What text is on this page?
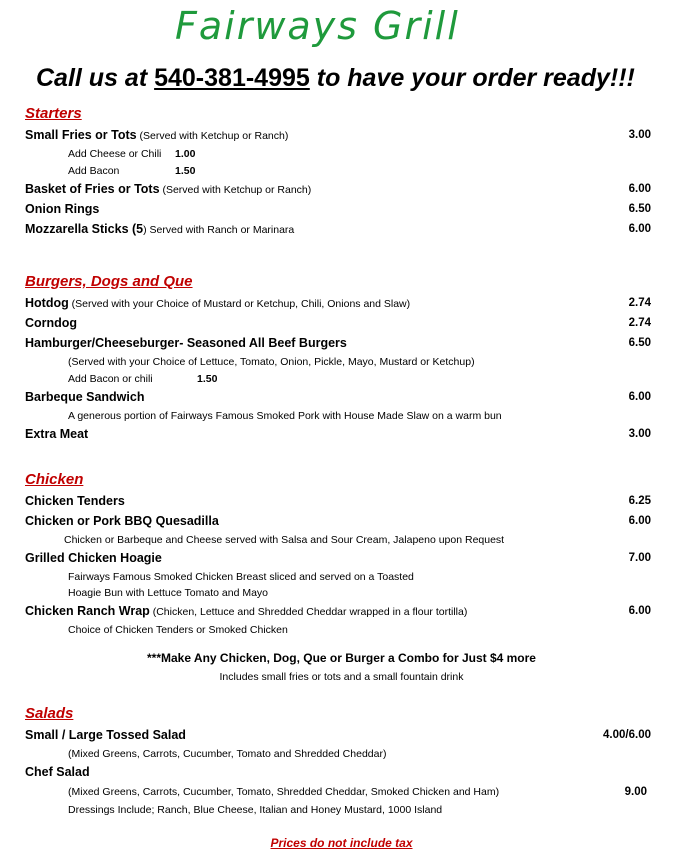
Fairways Grill
Call us at 540-381-4995 to have your order ready!!!
Starters
Small Fries or Tots (Served with Ketchup or Ranch)	3.00
Add Cheese or Chili 1.00
Add Bacon	1.50
Basket of Fries or Tots (Served with Ketchup or Ranch)	6.00
Onion Rings	6.50
Mozzarella Sticks (5) Served with Ranch or Marinara	6.00
Burgers, Dogs and Que
Hotdog (Served with your Choice of Mustard or Ketchup, Chili, Onions and Slaw)	2.74
Corndog	2.74
Hamburger/Cheeseburger- Seasoned All Beef Burgers	6.50
(Served with your Choice of Lettuce, Tomato, Onion, Pickle, Mayo, Mustard or Ketchup)
Add Bacon or chili	1.50
Barbeque Sandwich	6.00
A generous portion of Fairways Famous Smoked Pork with House Made Slaw on a warm bun
Extra Meat	3.00
Chicken
Chicken Tenders	6.25
Chicken or Pork BBQ Quesadilla	6.00
Chicken or Barbeque and Cheese served with Salsa and Sour Cream, Jalapeno upon Request
Grilled Chicken Hoagie	7.00
Fairways Famous Smoked Chicken Breast sliced and served on a Toasted
Hoagie Bun with Lettuce Tomato and Mayo
Chicken Ranch Wrap (Chicken, Lettuce and Shredded Cheddar wrapped in a flour tortilla)	6.00
Choice of Chicken Tenders or Smoked Chicken
***Make Any Chicken, Dog, Que or Burger a Combo for Just $4 more
Includes small fries or tots and a small fountain drink
Salads
Small / Large Tossed Salad	4.00/6.00
(Mixed Greens, Carrots, Cucumber, Tomato and Shredded Cheddar)
Chef Salad
(Mixed Greens, Carrots, Cucumber, Tomato, Shredded Cheddar, Smoked Chicken and Ham)	9.00
Dressings Include; Ranch, Blue Cheese, Italian and Honey Mustard, 1000 Island
Prices do not include tax
